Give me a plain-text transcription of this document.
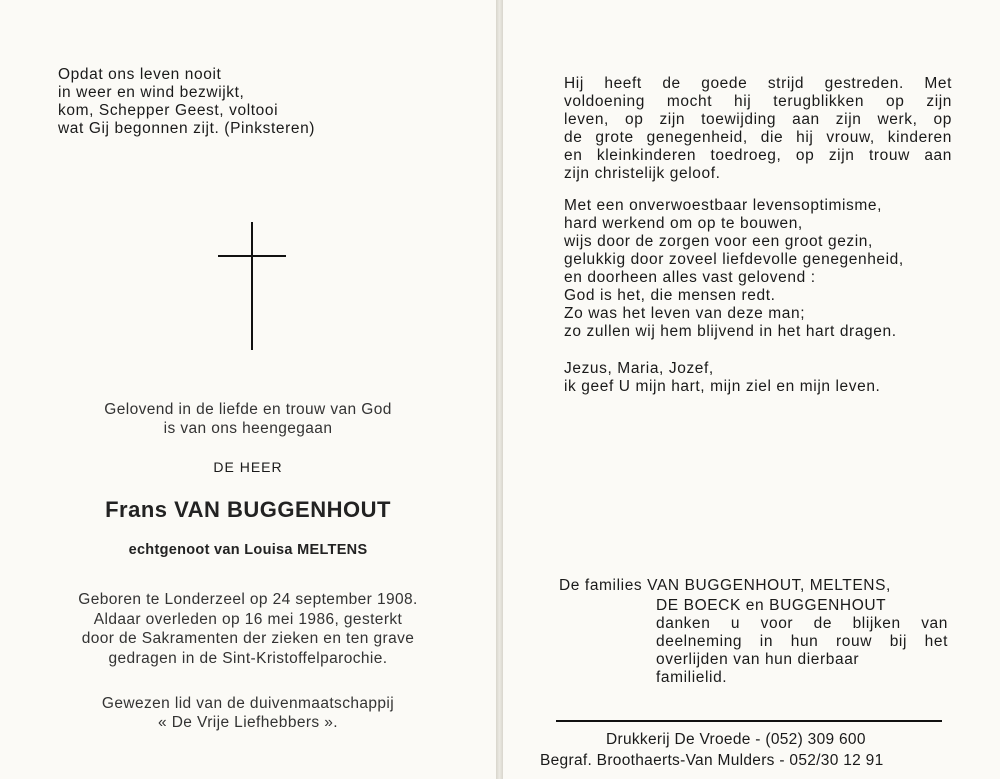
Opdat ons leven nooit
in weer en wind bezwijkt,
kom, Schepper Geest, voltooi
wat Gij begonnen zijt. (Pinksteren)
Gelovend in de liefde en trouw van God
is van ons heengegaan
DE HEER
Frans VAN BUGGENHOUT
echtgenoot van Louisa MELTENS
Geboren te Londerzeel op 24 september 1908.
Aldaar overleden op 16 mei 1986, gesterkt
door de Sakramenten der zieken en ten grave
gedragen in de Sint-Kristoffelparochie.
Gewezen lid van de duivenmaatschappij
« De Vrije Liefhebbers ».
Hij heeft de goede strijd gestreden. Met
voldoening mocht hij terugblikken op zijn
leven, op zijn toewijding aan zijn werk, op
de grote genegenheid, die hij vrouw, kinderen
en kleinkinderen toedroeg, op zijn trouw aan
zijn christelijk geloof.
Met een onverwoestbaar levensoptimisme,
hard werkend om op te bouwen,
wijs door de zorgen voor een groot gezin,
gelukkig door zoveel liefdevolle genegenheid,
en doorheen alles vast gelovend :
God is het, die mensen redt.
Zo was het leven van deze man;
zo zullen wij hem blijvend in het hart dragen.
Jezus, Maria, Jozef,
ik geef U mijn hart, mijn ziel en mijn leven.
De families VAN BUGGENHOUT, MELTENS,
DE BOECK en BUGGENHOUT
danken u voor de blijken van
deelneming in hun rouw bij het
overlijden van hun dierbaar
familielid.
Drukkerij De Vroede - (052) 309 600
Begraf. Broothaerts-Van Mulders - 052/30 12 91
